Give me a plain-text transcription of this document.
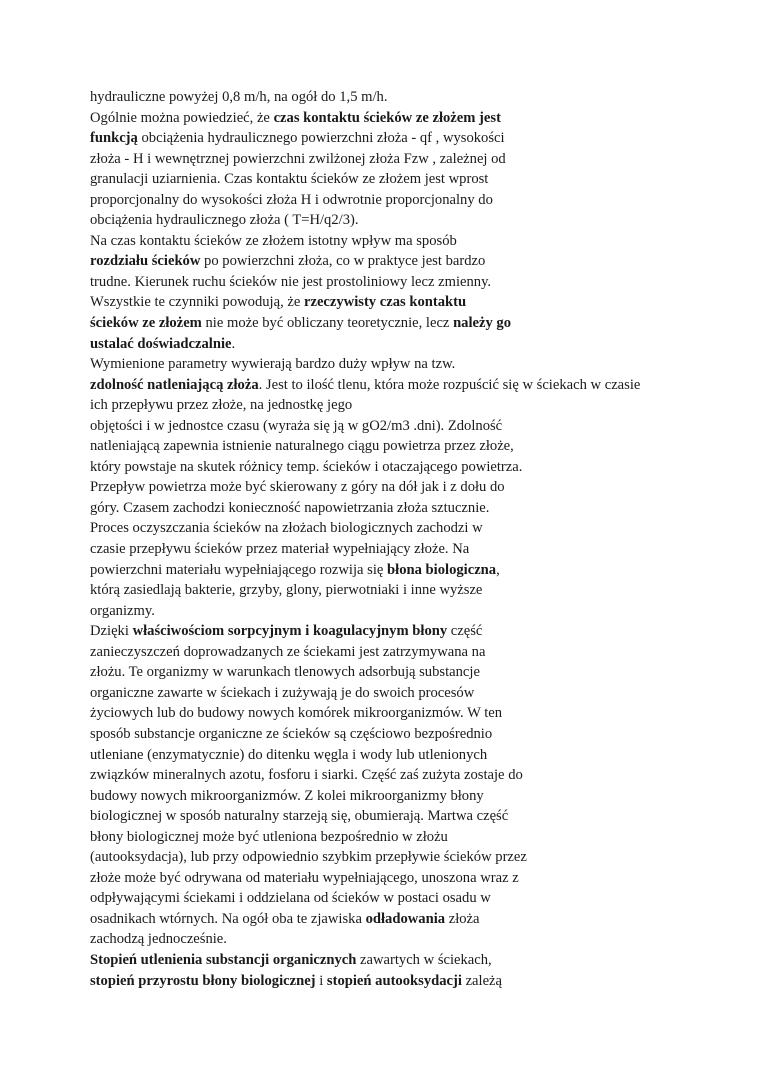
hydrauliczne powyżej 0,8 m/h, na ogół do 1,5 m/h.
Ogólnie można powiedzieć, że czas kontaktu ścieków ze złożem jest
funkcją obciążenia hydraulicznego powierzchni złoża - qf , wysokości
złoża - H i wewnętrznej powierzchni zwilżonej złoża Fzw , zależnej od
granulacji uziarnienia. Czas kontaktu ścieków ze złożem jest wprost
proporcjonalny do wysokości złoża H i odwrotnie proporcjonalny do
obciążenia hydraulicznego złoża ( T=H/q2/3).
Na czas kontaktu ścieków ze złożem istotny wpływ ma sposób
rozdziału ścieków po powierzchni złoża, co w praktyce jest bardzo
trudne. Kierunek ruchu ścieków nie jest prostoliniowy lecz zmienny.
Wszystkie te czynniki powodują, że rzeczywisty czas kontaktu
ścieków ze złożem nie może być obliczany teoretycznie, lecz należy go
ustalać doświadczalnie.
Wymienione parametry wywierają bardzo duży wpływ na tzw.
zdolność natleniającą złoża. Jest to ilość tlenu, która może rozpuścić się w ściekach w czasie
ich przepływu przez złoże, na jednostkę jego
objętości i w jednostce czasu (wyraża się ją w gO2/m3 .dni). Zdolność
natleniającą zapewnia istnienie naturalnego ciągu powietrza przez złoże,
który powstaje na skutek różnicy temp. ścieków i otaczającego powietrza.
Przepływ powietrza może być skierowany z góry na dół jak i z dołu do
góry. Czasem zachodzi konieczność napowietrzania złoża sztucznie.
Proces oczyszczania ścieków na złożach biologicznych zachodzi w
czasie przepływu ścieków przez materiał wypełniający złoże. Na
powierzchni materiału wypełniającego rozwija się błona biologiczna,
którą zasiedlają bakterie, grzyby, glony, pierwotniaki i inne wyższe
organizmy.
Dzięki właściwościom sorpcyjnym i koagulacyjnym błony część
zanieczyszczeń doprowadzanych ze ściekami jest zatrzymywana na
złożu. Te organizmy w warunkach tlenowych adsorbują substancje
organiczne zawarte w ściekach i zużywają je do swoich procesów
życiowych lub do budowy nowych komórek mikroorganizmów. W ten
sposób substancje organiczne ze ścieków są częściowo bezpośrednio
utleniane (enzymatycznie) do ditenku węgla i wody lub utlenionych
związków mineralnych azotu, fosforu i siarki. Część zaś zużyta zostaje do
budowy nowych mikroorganizmów. Z kolei mikroorganizmy błony
biologicznej w sposób naturalny starzeją się, obumierają. Martwa część
błony biologicznej może być utleniona bezpośrednio w złożu
(autooksydacja), lub przy odpowiednio szybkim przepływie ścieków przez
złoże może być odrywana od materiału wypełniającego, unoszona wraz z
odpływającymi ściekami i oddzielana od ścieków w postaci osadu w
osadnikach wtórnych. Na ogół oba te zjawiska odładowania złoża
zachodzą jednocześnie.
Stopień utlenienia substancji organicznych zawartych w ściekach,
stopień przyrostu błony biologicznej i stopień autooksydacji zależą
